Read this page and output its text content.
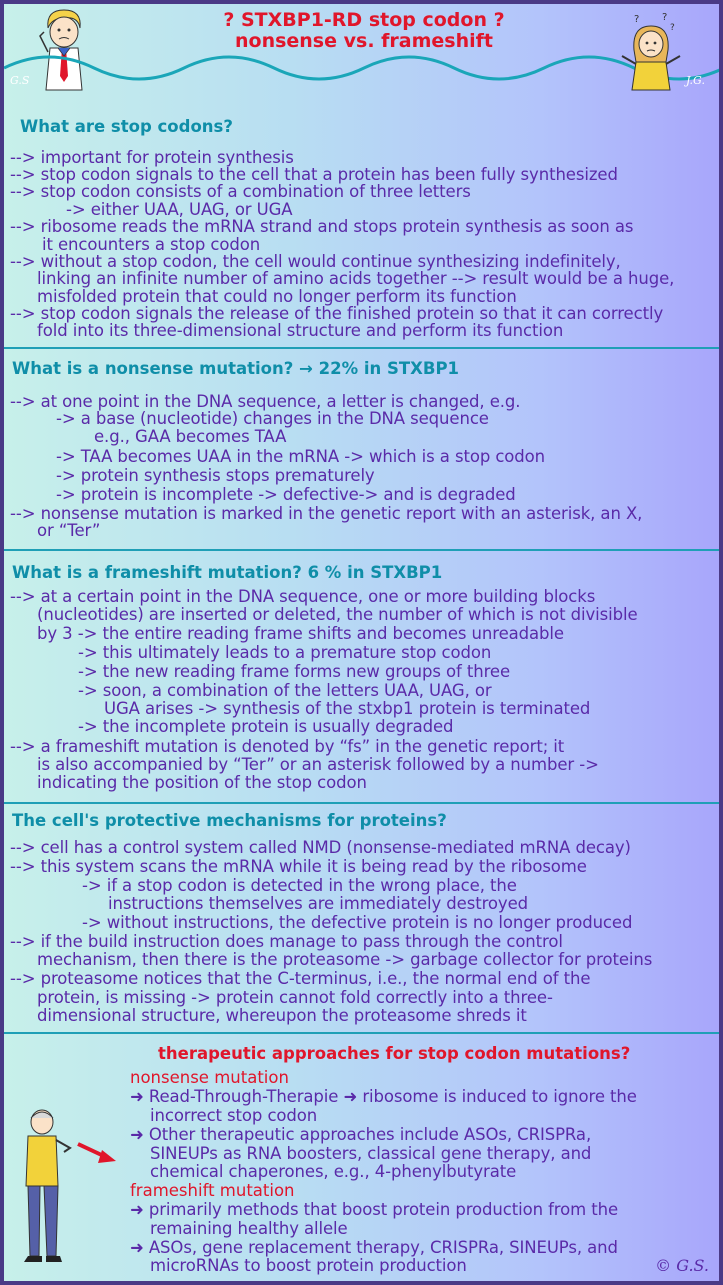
G.S
? STXBP1-RD stop codon ?
nonsense vs. frameshift
? ?
?
J.G.
What are stop codons?
--> important for protein synthesis
--> stop codon signals to the cell that a protein has been fully synthesized
--> stop codon consists of a combination of three letters
-> either UAA, UAG, or UGA
--> ribosome reads the mRNA strand and stops protein synthesis as soon as
it encounters a stop codon
--> without a stop codon, the cell would continue synthesizing indefinitely,
linking an infinite number of amino acids together --> result would be a huge,
misfolded protein that could no longer perform its function
--> stop codon signals the release of the finished protein so that it can correctly
fold into its three-dimensional structure and perform its function
What is a nonsense mutation? → 22% in STXBP1
--> at one point in the DNA sequence, a letter is changed, e.g.
-> a base (nucleotide) changes in the DNA sequence
e.g., GAA becomes TAA
-> TAA becomes UAA in the mRNA -> which is a stop codon
-> protein synthesis stops prematurely
-> protein is incomplete -> defective-> and is degraded
--> nonsense mutation is marked in the genetic report with an asterisk, an X,
or “Ter”
What is a frameshift mutation? 6 % in STXBP1
--> at a certain point in the DNA sequence, one or more building blocks
(nucleotides) are inserted or deleted, the number of which is not divisible
by 3 -> the entire reading frame shifts and becomes unreadable
-> this ultimately leads to a premature stop codon
-> the new reading frame forms new groups of three
-> soon, a combination of the letters UAA, UAG, or
UGA arises -> synthesis of the stxbp1 protein is terminated
-> the incomplete protein is usually degraded
--> a frameshift mutation is denoted by “fs” in the genetic report; it
is also accompanied by “Ter” or an asterisk followed by a number ->
indicating the position of the stop codon
The cell's protective mechanisms for proteins?
--> cell has a control system called NMD (nonsense-mediated mRNA decay)
--> this system scans the mRNA while it is being read by the ribosome
-> if a stop codon is detected in the wrong place, the
instructions themselves are immediately destroyed
-> without instructions, the defective protein is no longer produced
--> if the build instruction does manage to pass through the control
mechanism, then there is the proteasome -> garbage collector for proteins
--> proteasome notices that the C-terminus, i.e., the normal end of the
protein, is missing -> protein cannot fold correctly into a three-
dimensional structure, whereupon the proteasome shreds it
therapeutic approaches for stop codon mutations?
nonsense mutation
➜ Read-Through-Therapie ➜ ribosome is induced to ignore the
incorrect stop codon
➜ Other therapeutic approaches include ASOs, CRISPRa,
SINEUPs as RNA boosters, classical gene therapy, and
chemical chaperones, e.g., 4-phenylbutyrate
frameshift mutation
➜ primarily methods that boost protein production from the
remaining healthy allele
➜ ASOs, gene replacement therapy, CRISPRa, SINEUPs, and
microRNAs to boost protein production	© G.S.
